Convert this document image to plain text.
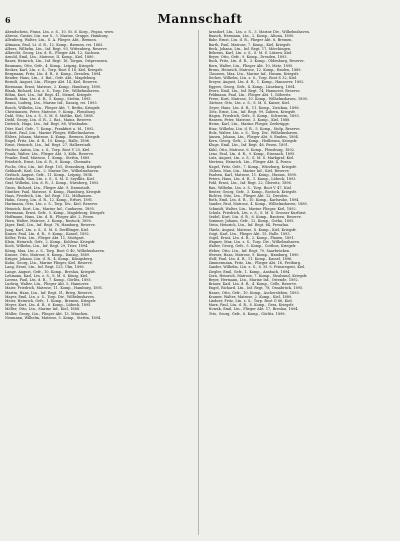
6	Mannschaft
Abendschein, Franz, Ltn. z. S., 10. St. d. Korp., Pegau, www.
Ahrens, Gustav, Ltn. zur S., 3. Marine, Gruppe, Hamburg.
Allenberg, Walter, Ltn., S. A. Flieger, Abt., Bremen.
Altmann, Paul, Lt. d. R., 12. Komp., Barmen, rei. 1863.
Albers, Wilhelm, Ltn., Inf. Regt. 93, Wittenberg, Reserve.
Albrecht, Georg, Ltn. d. R., Flieger Abt. 12, Sachsen.
Arnold, Emil, Ltn., Matrose, II. Komp., Kiel, 1880.
Bauer, Heinrich, Ltn., Inf. Regt. 16, Torgau, Ostpreussen.
Baumann, Otto, Gefr., 4. Komp., Leipzig, Kriegsfr.
Becker, Karl, Ltn. z. S., Torp. Boot S 18, Kiel, Kriegsfr.
Bergmann, Fritz, Ltn. d. R., 6. Komp., Dresden, 1894.
Bender, Hans, Ltn., 3. Bat., Gefr. Abt., Magdeburg.
Berndt, August, Ltn., Flieger Abt. 14, Kiel, Reserve.
Biermann, Ernst, Matrose, 2. Komp., Hamburg, 1890.
Blank, Richard, Ltn. z. S., Torp. Div., Wilhelmshaven.
Böhm, Kurt, Ltn., Inf. Regt. 41, Memel, Kriegsfr.
Brandt, Max, Ltn. d. R., 5. Komp., Stettin, 1895.
Braun, Ludwig, Ltn., Marine Inf., Danzig, rei. 1893.
Busch, Wilhelm, Ltn., Flieger Abt. 7, Berlin, Kriegsfr.
Christiansen, Peter, Matrose, 9. Komp., Flensburg.
Dahl, Otto, Ltn. z. S., S. M. S. Moltke, Kiel, 1888.
Diehl, Georg, Ltn. d. R., 2. Bat., Mainz, Reserve.
Dietrich, Hugo, Ltn., Inf. Regt. 88, Wiesbaden.
Dörr, Karl, Gefr., 7. Komp., Frankfurt a. M., 1892.
Eckert, Paul, Ltn., Marine Flieger, Wilhelmshaven.
Ehlers, Johann, Matrose, 4. Komp., Bremen, Kriegsfr.
Engel, Fritz, Ltn. d. R., 10. Komp., Halle, 1896.
Ernst, Heinrich, Ltn., Inf. Regt. 27, Halberstadt.
Fischer, Anton, Ltn. z. S., Torp. Boot V 25, Kiel.
Frank, Walter, Ltn., Flieger Abt. 3, Köln, Reserve.
Franke, Emil, Matrose, 1. Komp., Stettin, 1889.
Friedrich, Ernst, Ltn. d. R., 8. Komp., Chemnitz.
Fuchs, Otto, Ltn., Inf. Regt. 105, Strassburg, Kriegsfr.
Gebhardt, Karl, Ltn., 2. Marine Div., Wilhelmshaven.
Gerlach, August, Gefr., 11. Komp., Leipzig, 1894.
Gottschalk, Max, Ltn. z. S., S. M. S. Seydlitz, Kiel.
Graf, Wilhelm, Ltn. d. R., 3. Komp., Nürnberg, 1893.
Gross, Richard, Ltn., Flieger Abt. 9, Darmstadt.
Günther, Paul, Matrose, 6. Komp., Hamburg, Kriegsfr.
Haas, Friedrich, Ltn., Inf. Regt. 112, Mülhausen.
Hahn, Georg, Ltn. d. R., 12. Komp., Erfurt, 1891.
Hartmann, Otto, Ltn. z. S., Torp. Div., Kiel, Reserve.
Heinrich, Kurt, Ltn., Marine Inf., Cuxhaven, 1895.
Herrmann, Ernst, Gefr., 5. Komp., Magdeburg, Kriegsfr.
Hoffmann, Hans, Ltn. d. R., Flieger Abt. 2, Posen.
Horn, Walter, Matrose, 3. Komp., Rostock, 1890.
Jäger, Emil, Ltn., Inf. Regt. 76, Hamburg, Reserve.
Jung, Karl, Ltn. z. S., S. M. S. Derfflinger, Kiel.
Kaiser, Paul, Ltn. d. R., 9. Komp., Kassel, 1892.
Keller, Fritz, Ltn., Flieger Abt. 11, Stuttgart.
Klein, Heinrich, Gefr., 2. Komp., Koblenz, Kriegsfr.
Koch, Wilhelm, Ltn., Inf. Regt. 29, Trier, 1894.
König, Max, Ltn. z. S., Torp. Boot G 40, Wilhelmshaven.
Krause, Otto, Matrose, 8. Komp., Danzig, 1889.
Krüger, Johann, Ltn. d. R., 4. Komp., Königsberg.
Kuhn, Georg, Ltn., Marine Flieger, Kiel, Reserve.
Lang, Ernst, Ltn., Inf. Regt. 123, Ulm, 1896.
Lange, August, Gefr., 10. Komp., Breslau, Kriegsfr.
Lehmann, Karl, Ltn. z. S., S. M. S. König, Kiel.
Lorenz, Paul, Ltn. d. R., 7. Komp., Görlitz, 1893.
Ludwig, Walter, Ltn., Flieger Abt. 5, Hannover.
Maier, Friedrich, Matrose, 11. Komp., Hamburg, 1891.
Martin, Hans, Ltn., Inf. Regt. 51, Brieg, Reserve.
Mayer, Emil, Ltn. z. S., Torp. Div., Wilhelmshaven.
Meier, Heinrich, Gefr., 1. Komp., Bremen, Kriegsfr.
Meyer, Kurt, Ltn. d. R., 6. Komp., Lübeck, 1895.
Möller, Otto, Ltn., Marine Inf., Kiel, 1888.
Müller, Georg, Ltn., Flieger Abt. 13, München.
Neumann, Wilhelm, Matrose, 5. Komp., Stettin, 1894.
Arnsdorf, Ltn., Ltn. z. S., 3. Marine Div., Wilhelmshaven.
Baasch, Hermann, Ltn., 2. Komp., Altona, 1890.
Bahr, Ernst, Ltn. d. R., Flieger Abt. 6, Bremen.
Barth, Paul, Matrose, 7. Komp., Kiel, Kriegsfr.
Beck, Johann, Ltn., Inf. Regt. 17, Mörchingen.
Behrens, Karl, Ltn. z. S., S. M. S. Lützow, Kiel.
Beyer, Otto, Gefr., 9. Komp., Dresden, 1893.
Bock, Fritz, Ltn. d. R., 3. Komp., Oldenburg, Reserve.
Born, Walter, Ltn., Flieger Abt. 10, Metz, 1895.
Bruns, Heinrich, Matrose, 12. Komp., Emden, 1889.
Claussen, Max, Ltn., Marine Inf., Husum, Kriegsfr.
Decker, Wilhelm, Ltn. z. S., Torp. Boot S 32, Kiel.
Dreyer, August, Ltn. d. R., 1. Komp., Hannover, 1892.
Eggers, Georg, Gefr., 4. Komp., Lüneburg, 1894.
Evers, Emil, Ltn., Inf. Regt. 74, Hannover, Reserve.
Feldmann, Paul, Ltn., Flieger Abt. 1, Döberitz.
Frese, Kurt, Matrose, 10. Komp., Wilhelmshaven, 1890.
Gärtner, Otto, Ltn. z. S., S. M. S. Kaiser, Kiel.
Geyer, Hans, Ltn. d. R., 11. Komp., Zwickau, 1896.
Götz, Ernst, Ltn., Inf. Regt. 99, Zabern, Kriegsfr.
Hagen, Friedrich, Gefr., 8. Komp., Schwerin, 1893.
Hansen, Peter, Matrose, 3. Komp., Kiel, 1888.
Heine, Karl, Ltn., Marine Flieger, Zeebrügge.
Hinz, Wilhelm, Ltn. d. R., 5. Komp., Stolp, Reserve.
Holz, Walter, Ltn. z. S., Torp. Div., Wilhelmshaven.
Jansen, Johann, Ltn., Flieger Abt. 8, Emden, 1894.
Kern, Georg, Gefr., 2. Komp., Heilbronn, Kriegsfr.
Kluge, Emil, Ltn., Inf. Regt. 46, Posen, 1891.
Kühl, Otto, Matrose, 6. Komp., Flensburg, 1892.
Lenz, Paul, Ltn. d. R., 9. Komp., Eisenach, 1895.
Lutz, August, Ltn. z. S., S. M. S. Markgraf, Kiel.
Mertens, Heinrich, Ltn., Flieger Abt. 4, Posen.
Nagel, Fritz, Gefr., 7. Komp., Würzburg, Kriegsfr.
Ohlsen, Max, Ltn., Marine Inf., Kiel, Reserve.
Paulsen, Karl, Matrose, 11. Komp., Husum, 1890.
Peters, Hans, Ltn. d. R., 1. Komp., Lübeck, 1893.
Pohl, Ernst, Ltn., Inf. Regt. 22, Gleiwitz, 1896.
Rau, Wilhelm, Ltn. z. S., Torp. Boot V 47, Kiel.
Reuter, Georg, Gefr., 3. Komp., Rostock, Kriegsfr.
Richter, Otto, Ltn., Flieger Abt. 12, Dresden.
Roth, Emil, Ltn. d. R., 10. Komp., Karlsruhe, 1894.
Sander, Paul, Matrose, 4. Komp., Wilhelmshaven, 1889.
Schmidt, Walter, Ltn., Marine Flieger, Kiel, 1892.
Schulz, Friedrich, Ltn. z. S., S. M. S. Grosser Kurfürst.
Seidel, Kurt, Ltn. d. R., 6. Komp., Bautzen, Reserve.
Sommer, Johann, Gefr., 12. Komp., Gotha, 1895.
Stein, Heinrich, Ltn., Inf. Regt. 64, Prenzlau.
Thiele, August, Matrose, 8. Komp., Kiel, Kriegsfr.
Voigt, Karl, Ltn., Flieger Abt. 15, Halle, 1893.
Vogel, Ernst, Ltn. d. R., 2. Komp., Plauen, 1891.
Wagner, Max, Ltn. z. S., Torp. Div., Wilhelmshaven.
Walter, Georg, Gefr., 5. Komp., Cottbus, Kriegsfr.
Weber, Otto, Ltn., Inf. Regt. 70, Saarbrücken.
Werner, Hans, Matrose, 9. Komp., Hamburg, 1890.
Wolf, Paul, Ltn. d. R., 11. Komp., Kassel, 1896.
Zimmermann, Fritz, Ltn., Flieger Abt. 16, Freiburg.
Zander, Wilhelm, Ltn. z. S., S. M. S. Prinzregent, Kiel.
Ziegler, Emil, Gefr., 1. Komp., Ansbach, 1894.
Zorn, Heinrich, Matrose, 7. Komp., Stralsund, Kriegsfr.
Beyer, Hermann, Ltn., Marine Inf., Ostende, 1892.
Brauer, Karl, Ltn. d. R., 4. Komp., Celle, Reserve.
Engel, Richard, Ltn., Inf. Regt. 78, Osnabrück, 1895.
Haase, Otto, Gefr., 10. Komp., Aschersleben, 1893.
Kramer, Walter, Matrose, 2. Komp., Kiel, 1889.
Lindner, Fritz, Ltn. z. S., Torp. Boot G 86, Kiel.
Marx, Paul, Ltn. d. R., 8. Komp., Gera, Kriegsfr.
Nowak, Emil, Ltn., Flieger Abt. 17, Breslau, 1894.
Otto, Georg, Gefr., 6. Komp., Görlitz, 1896.
